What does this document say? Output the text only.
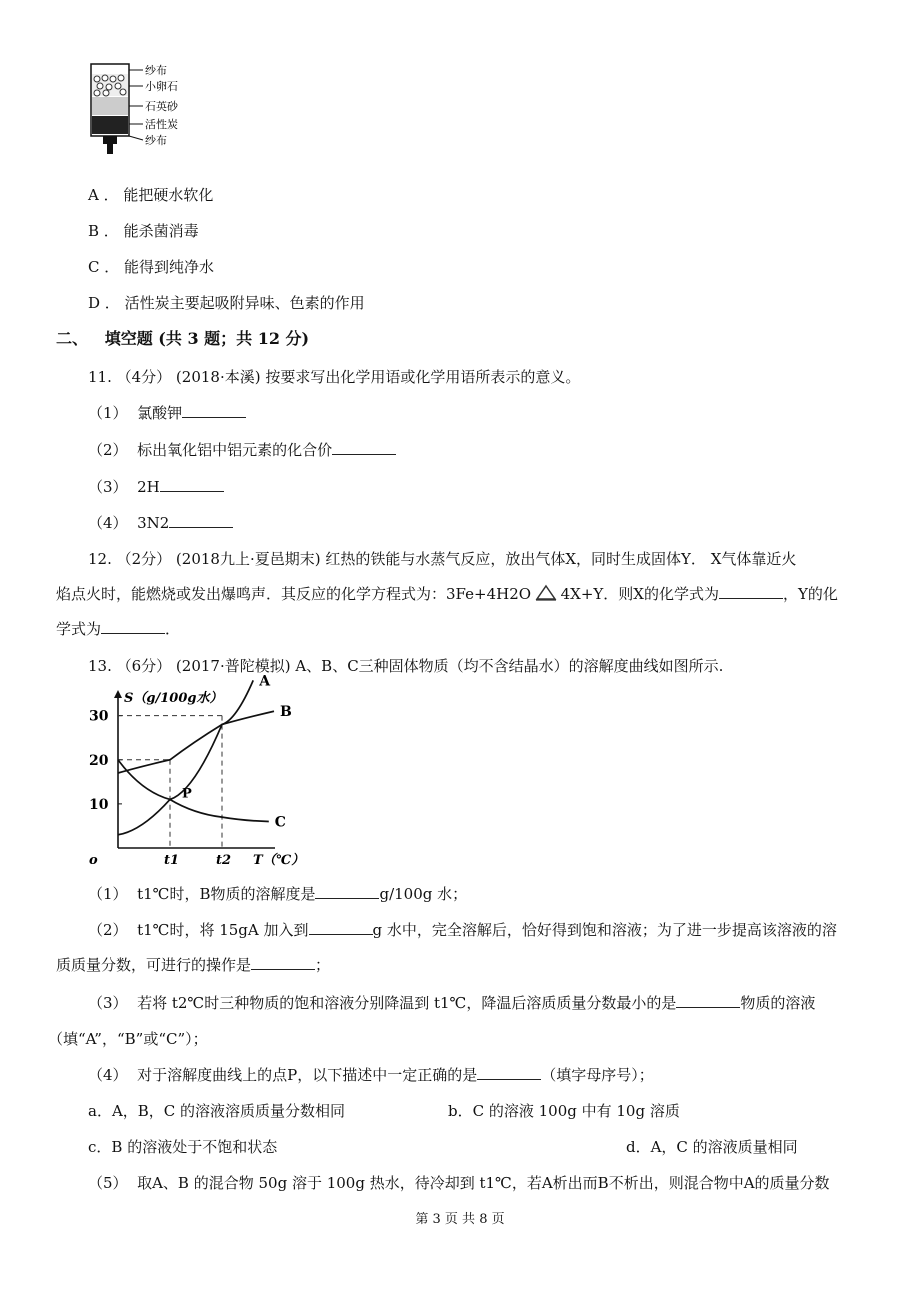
纱布
小卵石
石英砂
活性炭
纱布
A ． 能把硬水软化
B ． 能杀菌消毒
C ． 能得到纯净水
D ． 活性炭主要起吸附异味、色素的作用
二、 填空题 (共 3 题；共 12 分)
11. （4分） (2018·本溪) 按要求写出化学用语或化学用语所表示的意义。
（1） 氯酸钾
（2） 标出氧化铝中铝元素的化合价
（3） 2H
（4） 3N2
12. （2分） (2018九上·夏邑期末) 红热的铁能与水蒸气反应，放出气体X，同时生成固体Y． X气体靠近火
焰点火时，能燃烧或发出爆鸣声．其反应的化学方程式为：3Fe+4H2O 4X+Y．则X的化学式为	，Y的化
学式为	．
13. （6分） (2017·普陀模拟) A、B、C三种固体物质（均不含结晶水）的溶解度曲线如图所示.
S（g/100g水）
T（℃）
o
10
20
30
t1	t2
A
B
C
P
（1） t1℃时，B物质的溶解度是	g/100g 水；
（2） t1℃时，将 15gA 加入到	g 水中，完全溶解后，恰好得到饱和溶液；为了进一步提高该溶液的溶
质质量分数，可进行的操作是	；
（3） 若将 t2℃时三种物质的饱和溶液分别降温到 t1℃，降温后溶质质量分数最小的是	物质的溶液
（填“A”，“B”或“C”）；
（4） 对于溶解度曲线上的点P，以下描述中一定正确的是	（填字母序号）；
a．A，B，C 的溶液溶质质量分数相同	b．C 的溶液 100g 中有 10g 溶质
c．B 的溶液处于不饱和状态	d．A，C 的溶液质量相同
（5） 取A、B 的混合物 50g 溶于 100g 热水，待冷却到 t1℃，若A析出而B不析出，则混合物中A的质量分数
第 3 页 共 8 页
